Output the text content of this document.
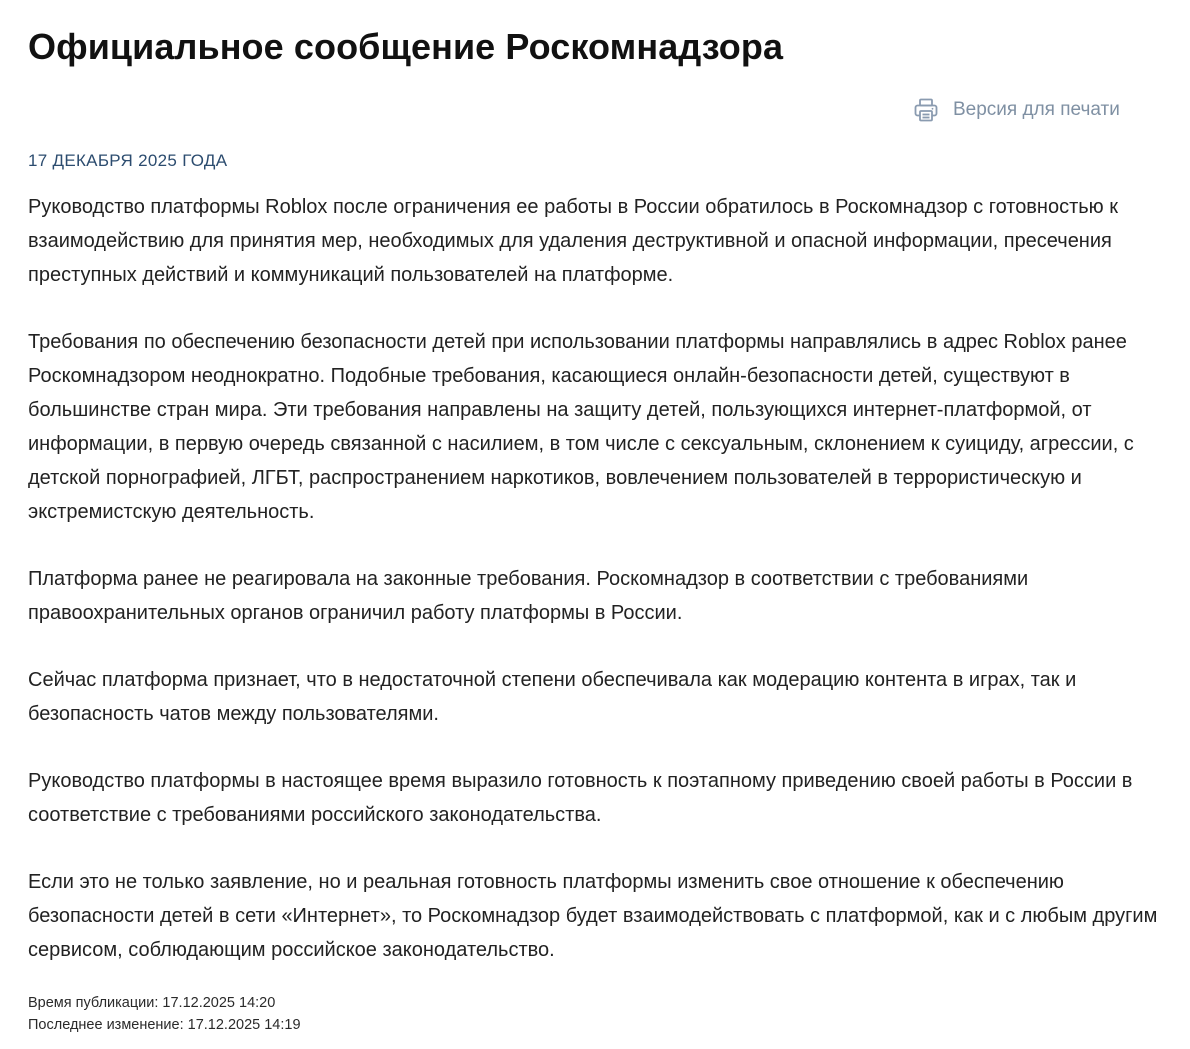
Официальное сообщение Роскомнадзора
Версия для печати
17 ДЕКАБРЯ 2025 ГОДА

Руководство платформы Roblox после ограничения ее работы в России обратилось в Роскомнадзор с готовностью к взаимодействию для принятия мер, необходимых для удаления деструктивной и опасной информации, пресечения преступных действий и коммуникаций пользователей на платформе.

Требования по обеспечению безопасности детей при использовании платформы направлялись в адрес Roblox ранее Роскомнадзором неоднократно. Подобные требования, касающиеся онлайн-безопасности детей, существуют в большинстве стран мира. Эти требования направлены на защиту детей, пользующихся интернет-платформой, от информации, в первую очередь связанной с насилием, в том числе с сексуальным, склонением к суициду, агрессии, с детской порнографией, ЛГБТ, распространением наркотиков, вовлечением пользователей в террористическую и экстремистскую деятельность.

Платформа ранее не реагировала на законные требования. Роскомнадзор в соответствии с требованиями правоохранительных органов ограничил работу платформы в России.

Сейчас платформа признает, что в недостаточной степени обеспечивала как модерацию контента в играх, так и безопасность чатов между пользователями.

Руководство платформы в настоящее время выразило готовность к поэтапному приведению своей работы в России в соответствие с требованиями российского законодательства.

Если это не только заявление, но и реальная готовность платформы изменить свое отношение к обеспечению безопасности детей в сети «Интернет», то Роскомнадзор будет взаимодействовать с платформой, как и с любым другим сервисом, соблюдающим российское законодательство.

Время публикации: 17.12.2025 14:20
Последнее изменение: 17.12.2025 14:19
